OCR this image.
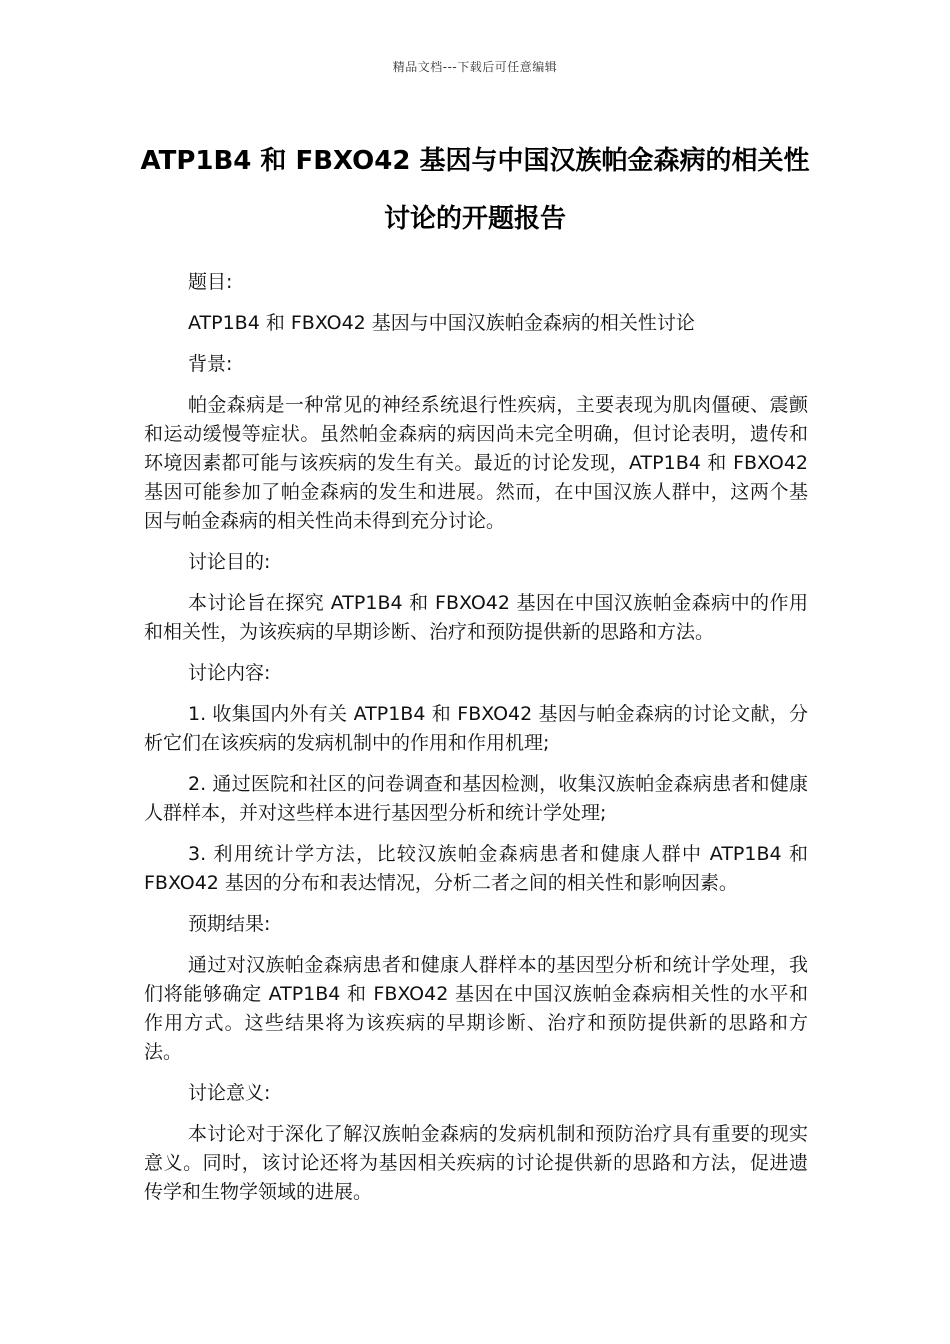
精品文档---下载后可任意编辑
ATP1B4 和 FBXO42 基因与中国汉族帕金森病的相关性讨论的开题报告

题目:

ATP1B4 和 FBXO42 基因与中国汉族帕金森病的相关性讨论

背景:

帕金森病是一种常见的神经系统退行性疾病，主要表现为肌肉僵硬、震颤和运动缓慢等症状。虽然帕金森病的病因尚未完全明确，但讨论表明，遗传和环境因素都可能与该疾病的发生有关。最近的讨论发现，ATP1B4 和 FBXO42 基因可能参加了帕金森病的发生和进展。然而，在中国汉族人群中，这两个基因与帕金森病的相关性尚未得到充分讨论。

讨论目的:

本讨论旨在探究 ATP1B4 和 FBXO42 基因在中国汉族帕金森病中的作用和相关性，为该疾病的早期诊断、治疗和预防提供新的思路和方法。

讨论内容:

1. 收集国内外有关 ATP1B4 和 FBXO42 基因与帕金森病的讨论文献，分析它们在该疾病的发病机制中的作用和作用机理;

2. 通过医院和社区的问卷调查和基因检测，收集汉族帕金森病患者和健康人群样本，并对这些样本进行基因型分析和统计学处理;

3. 利用统计学方法，比较汉族帕金森病患者和健康人群中 ATP1B4 和 FBXO42 基因的分布和表达情况，分析二者之间的相关性和影响因素。

预期结果:

通过对汉族帕金森病患者和健康人群样本的基因型分析和统计学处理，我们将能够确定 ATP1B4 和 FBXO42 基因在中国汉族帕金森病相关性的水平和作用方式。这些结果将为该疾病的早期诊断、治疗和预防提供新的思路和方法。

讨论意义:

本讨论对于深化了解汉族帕金森病的发病机制和预防治疗具有重要的现实意义。同时，该讨论还将为基因相关疾病的讨论提供新的思路和方法，促进遗传学和生物学领域的进展。
